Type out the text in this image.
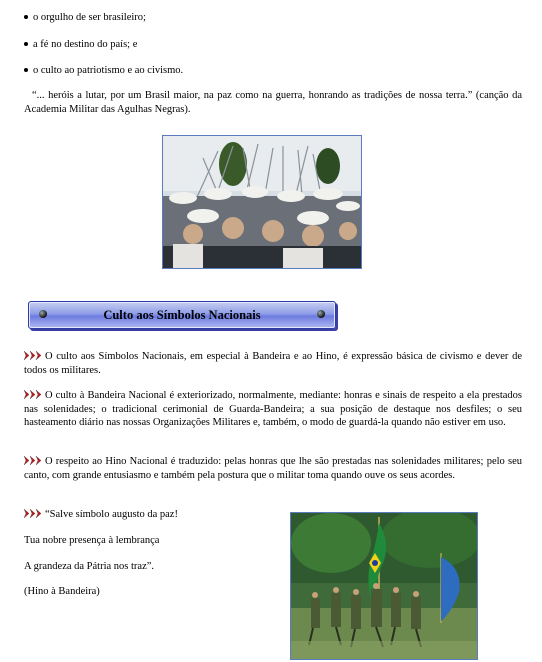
o orgulho de ser brasileiro;
a fé no destino do país; e
o culto ao patriotismo e ao civismo.
“... heróis a lutar, por um Brasil maior, na paz como na guerra, honrando as tradições de nossa terra.” (canção da Academia Militar das Agulhas Negras).
Culto aos Símbolos Nacionais
O culto aos Símbolos Nacionais, em especial à Bandeira e ao Hino, é expressão básica de civismo e dever de todos os militares.
O culto à Bandeira Nacional é exteriorizado, normalmente, mediante: honras e sinais de respeito a ela prestados nas solenidades; o tradicional cerimonial de Guarda-Bandeira; a sua posição de destaque nos desfiles; o seu hasteamento diário nas nossas Organizações Militares e, também, o modo de guardá-la quando não estiver em uso.
O respeito ao Hino Nacional é traduzido: pelas honras que lhe são prestadas nas solenidades militares; pelo seu canto, com grande entusiasmo e também pela postura que o militar toma quando ouve os seus acordes.
“Salve símbolo augusto da paz!
Tua nobre presença à lembrança
A grandeza da Pátria nos traz”.
(Hino à Bandeira)
